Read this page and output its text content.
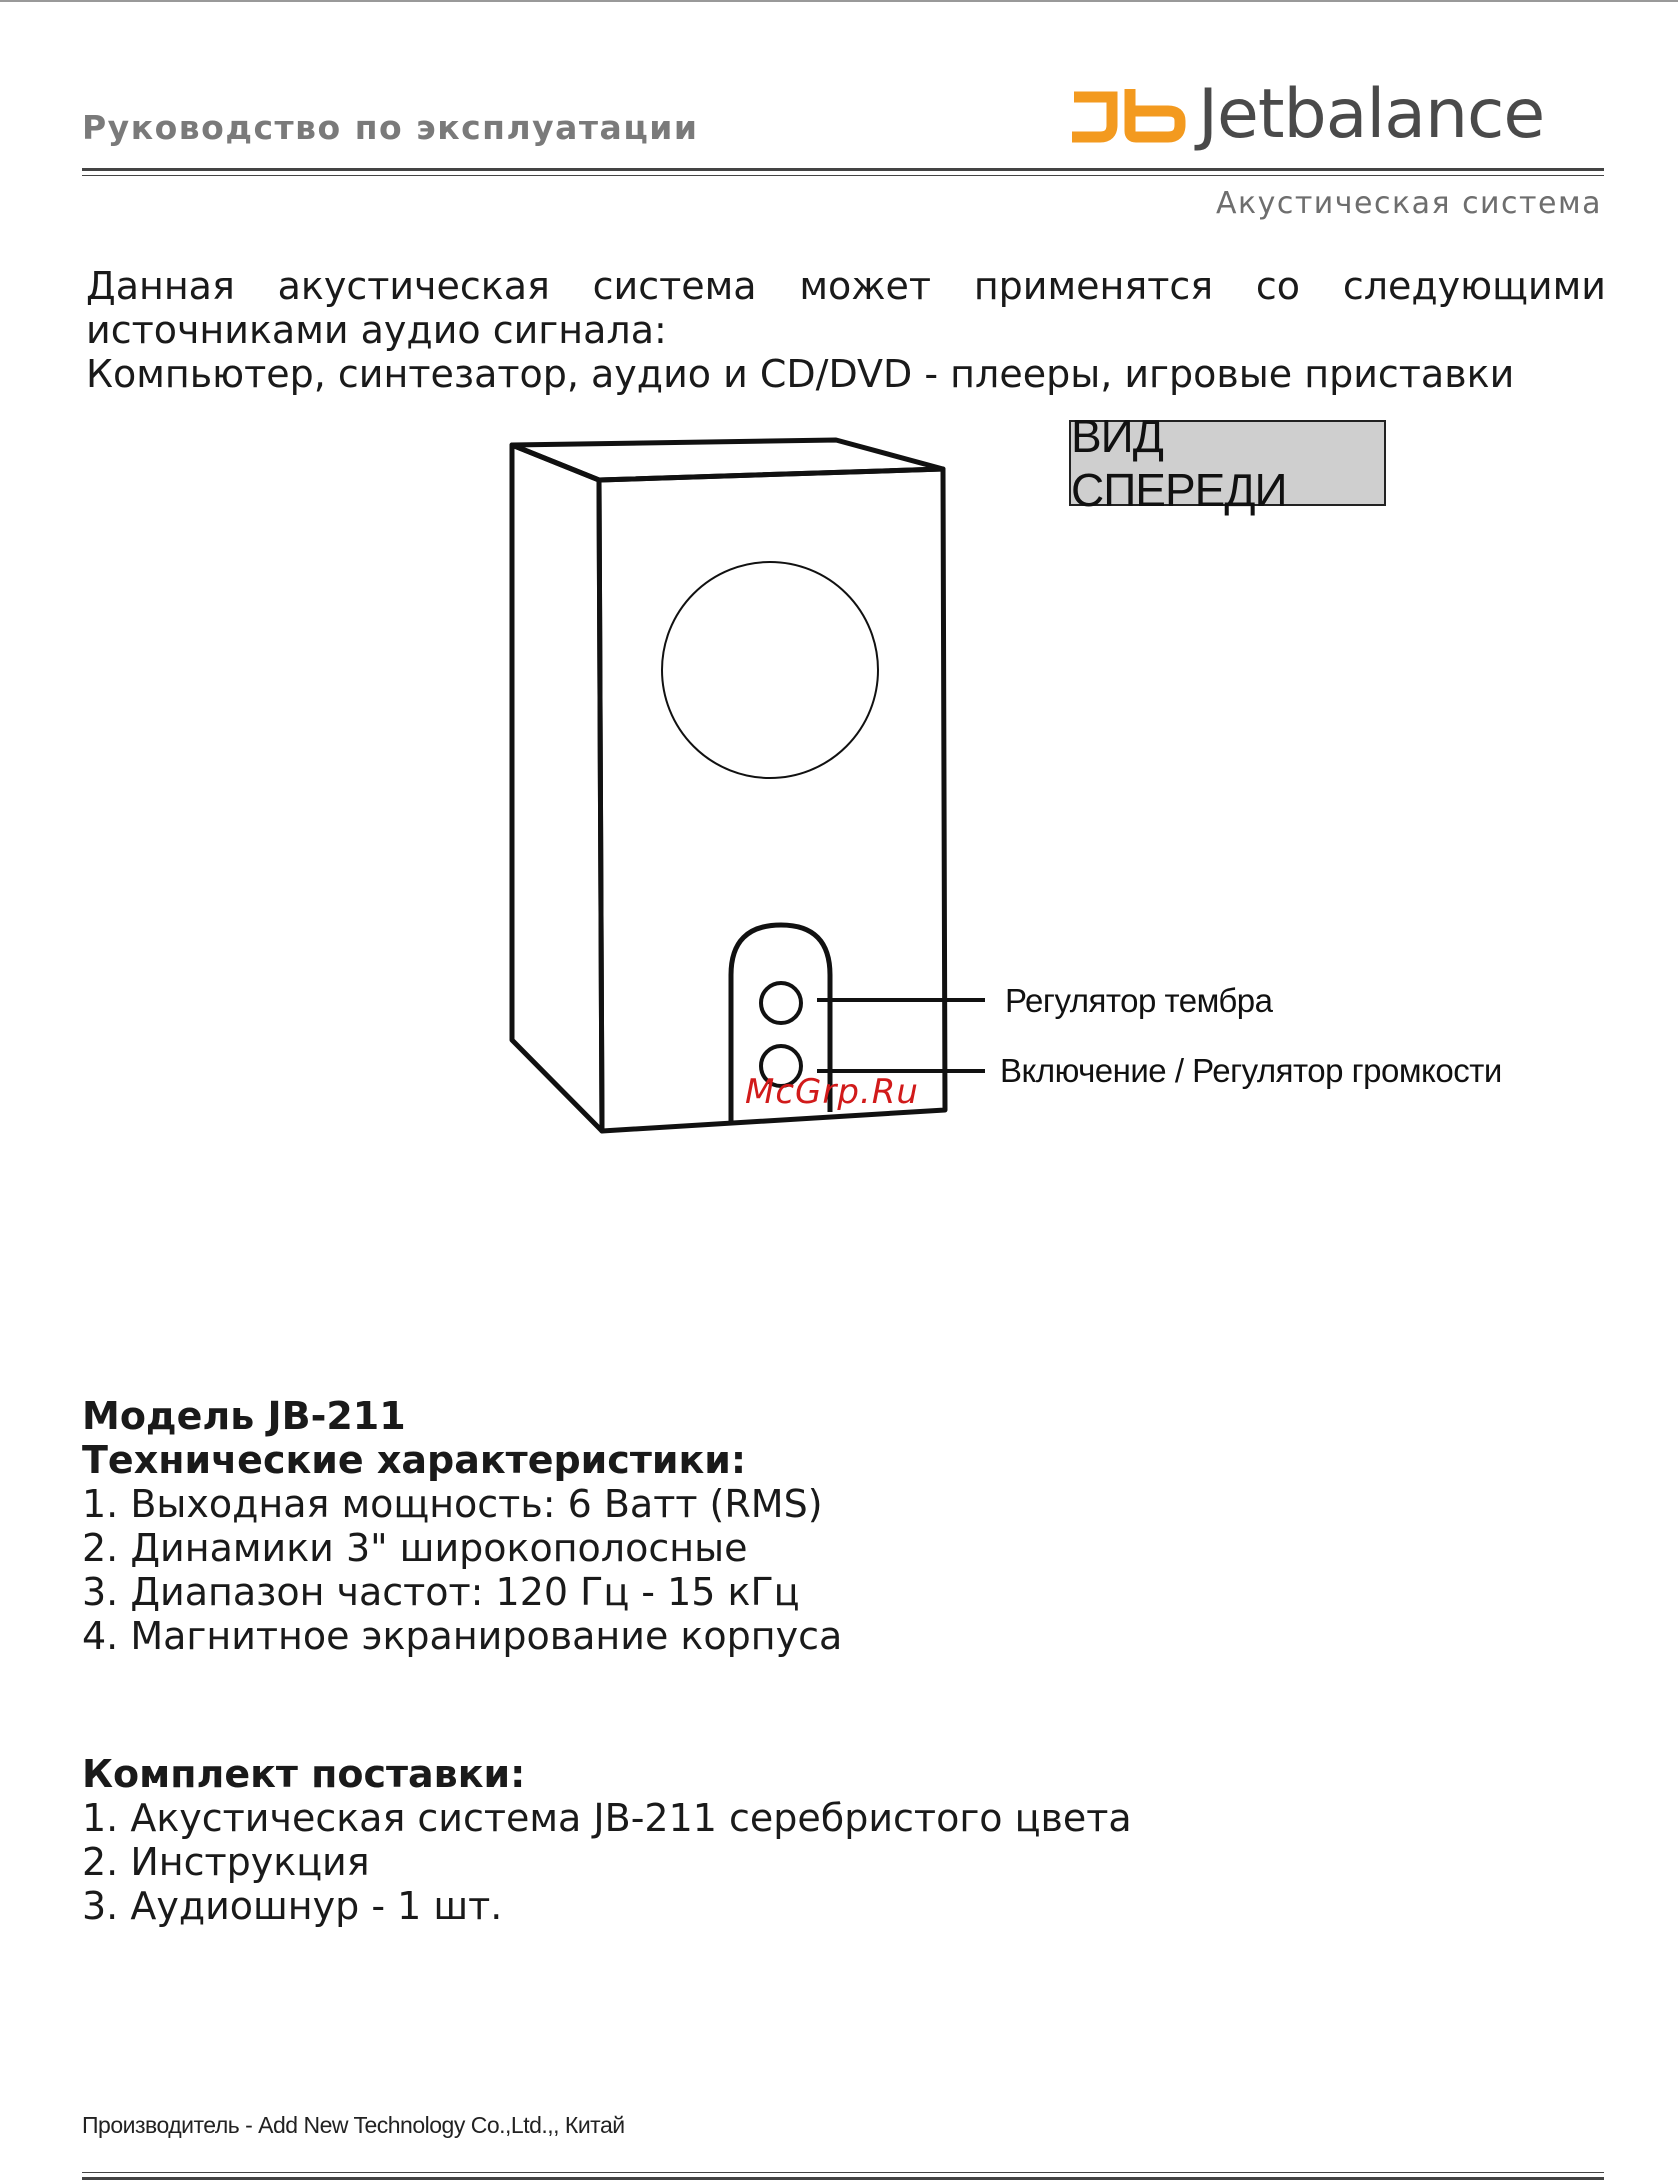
Руководство по эксплуатации	Jetbalance
Акустическая система

Данная акустическая система может применятся со следующими источниками аудио сигнала:

Компьютер, синтезатор, аудио и CD/DVD - плееры, игровые приставки

ВИД СПЕРЕДИ
Регулятор тембра
Включение / Регулятор громкости
McGrp.Ru
Модель JB-211
Технические характеристики:
1. Выходная мощность: 6 Ватт (RMS)
2. Динамики 3" широкополосные
3. Диапазон частот: 120 Гц - 15 кГц
4. Магнитное экранирование корпуса
Комплект поставки:
1. Акустическая система JB-211 серебристого цвета
2. Инструкция
3. Аудиошнур - 1 шт.
Производитель - Add New Technology Co.,Ltd.,, Китай
